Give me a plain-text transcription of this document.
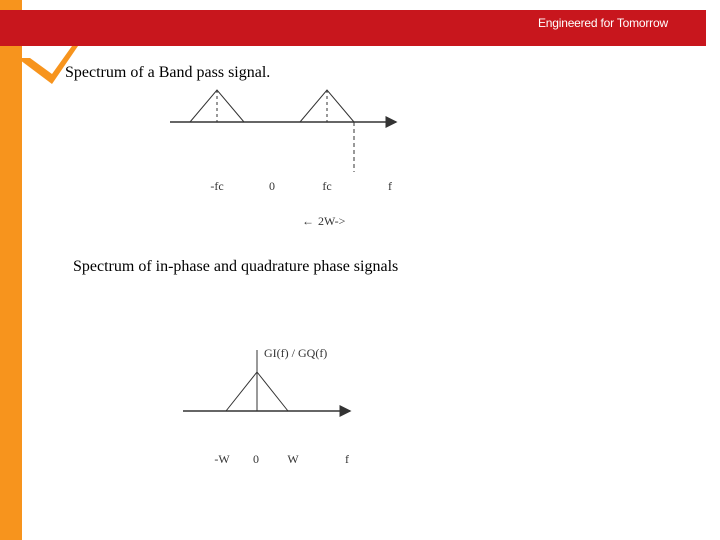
Engineered for Tomorrow
Spectrum of a Band pass signal.
Spectrum of in-phase and quadrature phase signals
-fc	0	fc	f
← 2W->
GI(f) / GQ(f)
-W 0 W	f
